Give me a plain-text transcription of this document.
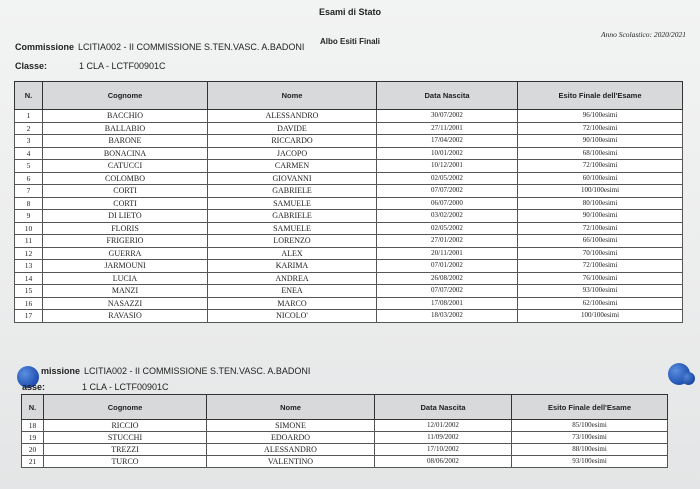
Esami di Stato
Anno Scolastico: 2020/2021
Albo Esiti Finali
Commissione LCITIA002 - II COMMISSIONE S.TEN.VASC. A.BADONI
Classe:	1 CLA - LCTF00901C
N.	Cognome	Nome	Data Nascita	Esito Finale dell'Esame
1	BACCHIO	ALESSANDRO	30/07/2002	96/100esimi
2	BALLABIO	DAVIDE	27/11/2001	72/100esimi
3	BARONE	RICCARDO	17/04/2002	90/100esimi
4	BONACINA	JACOPO	10/01/2002	68/100esimi
5	CATUCCI	CARMEN	10/12/2001	72/100esimi
6	COLOMBO	GIOVANNI	02/05/2002	60/100esimi
7	CORTI	GABRIELE	07/07/2002	100/100esimi
8	CORTI	SAMUELE	06/07/2000	80/100esimi
9	DI LIETO	GABRIELE	03/02/2002	90/100esimi
10	FLORIS	SAMUELE	02/05/2002	72/100esimi
11	FRIGERIO	LORENZO	27/01/2002	66/100esimi
12	GUERRA	ALEX	20/11/2001	70/100esimi
13	JARMOUNI	KARIMA	07/01/2002	72/100esimi
14	LUCIA	ANDREA	26/08/2002	76/100esimi
15	MANZI	ENEA	07/07/2002	93/100esimi
16	NASAZZI	MARCO	17/08/2001	62/100esimi
17	RAVASIO	NICOLO'	18/03/2002	100/100esimi
missione LCITIA002 - II COMMISSIONE S.TEN.VASC. A.BADONI
asse:	1 CLA - LCTF00901C
N.	Cognome	Nome	Data Nascita	Esito Finale dell'Esame
18	RICCIO	SIMONE	12/01/2002	85/100esimi
19	STUCCHI	EDOARDO	11/09/2002	73/100esimi
20	TREZZI	ALESSANDRO	17/10/2002	88/100esimi
21	TURCO	VALENTINO	08/06/2002	93/100esimi
